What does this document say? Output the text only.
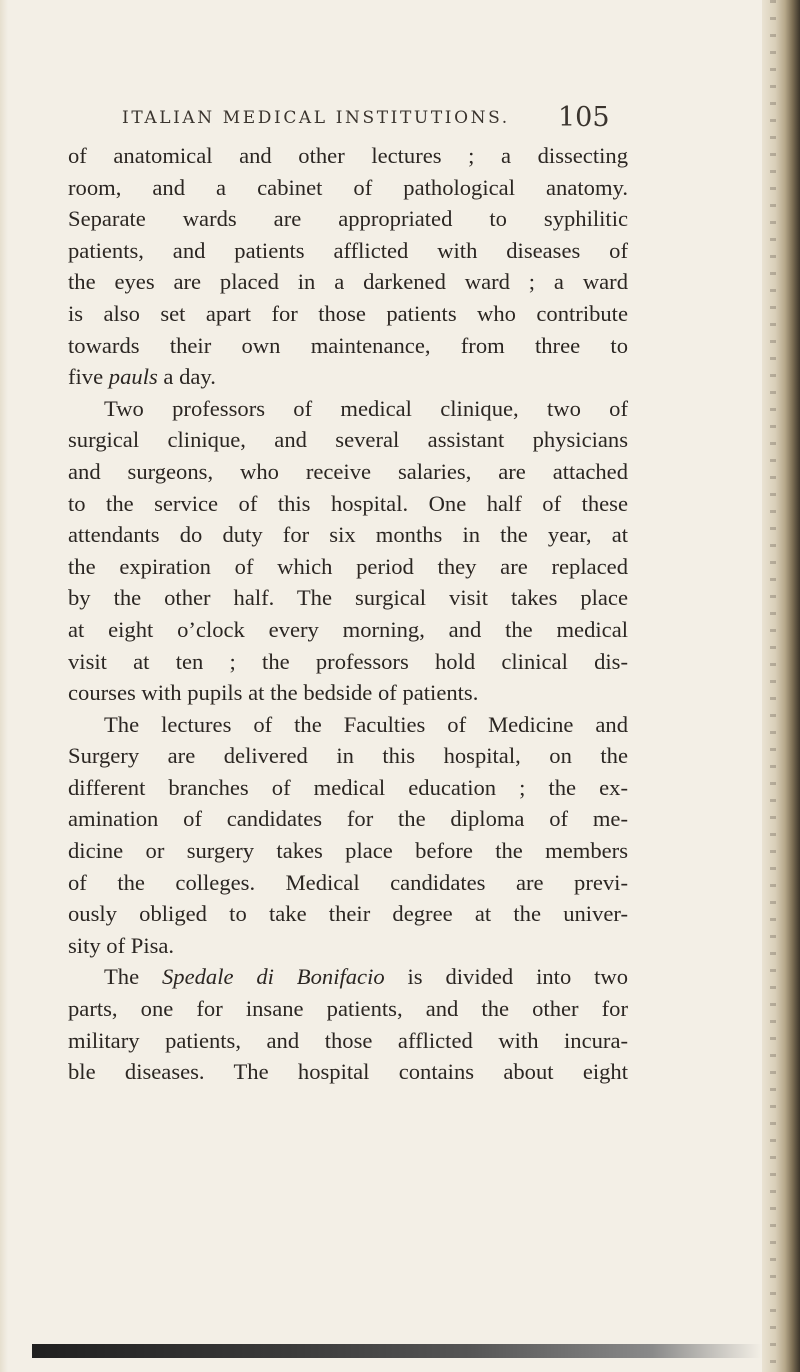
ITALIAN MEDICAL INSTITUTIONS. 105
of anatomical and other lectures ; a dissecting
room, and a cabinet of pathological anatomy.
Separate wards are appropriated to syphilitic
patients, and patients afflicted with diseases of
the eyes are placed in a darkened ward ; a ward
is also set apart for those patients who contribute
towards their own maintenance, from three to
five pauls a day.
Two professors of medical clinique, two of
surgical clinique, and several assistant physicians
and surgeons, who receive salaries, are attached
to the service of this hospital. One half of these
attendants do duty for six months in the year, at
the expiration of which period they are replaced
by the other half. The surgical visit takes place
at eight o’clock every morning, and the medical
visit at ten ; the professors hold clinical dis-
courses with pupils at the bedside of patients.
The lectures of the Faculties of Medicine and
Surgery are delivered in this hospital, on the
different branches of medical education ; the ex-
amination of candidates for the diploma of me-
dicine or surgery takes place before the members
of the colleges. Medical candidates are previ-
ously obliged to take their degree at the univer-
sity of Pisa.
The Spedale di Bonifacio is divided into two
parts, one for insane patients, and the other for
military patients, and those afflicted with incura-
ble diseases. The hospital contains about eight
